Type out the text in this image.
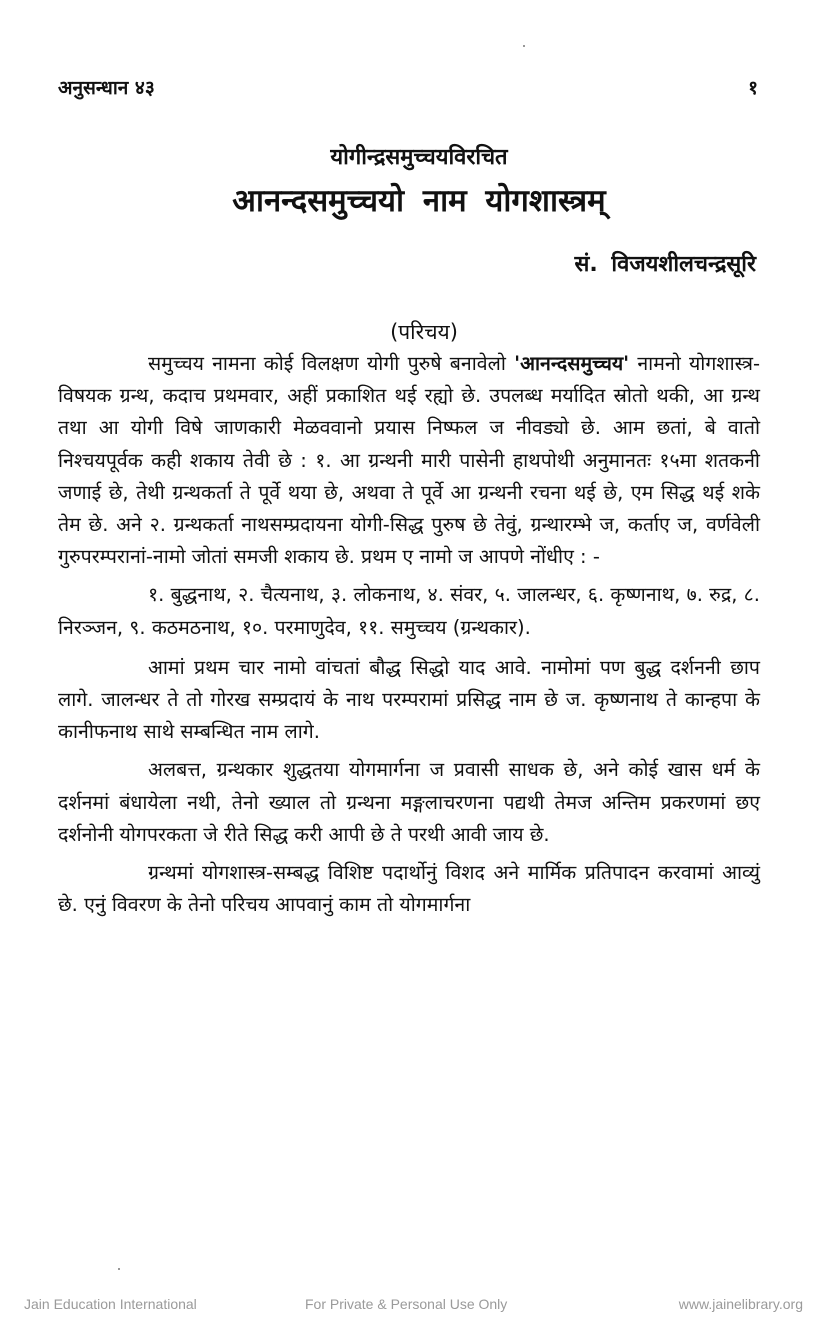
अनुसन्धान ४३	१
योगीन्द्रसमुच्चयविरचित
आनन्दसमुच्चयो नाम योगशास्त्रम्
सं. विजयशीलचन्द्रसूरि
(परिचय)

समुच्चय नामना कोई विलक्षण योगी पुरुषे बनावेलो 'आनन्दसमुच्चय' नामनो योगशास्त्र-विषयक ग्रन्थ, कदाच प्रथमवार, अहीं प्रकाशित थई रह्यो छे. उपलब्ध मर्यादित स्रोतो थकी, आ ग्रन्थ तथा आ योगी विषे जाणकारी मेळववानो प्रयास निष्फल ज नीवड्यो छे. आम छतां, बे वातो निश्चयपूर्वक कही शकाय तेवी छे : १. आ ग्रन्थनी मारी पासेनी हाथपोथी अनुमानतः १५मा शतकनी जणाई छे, तेथी ग्रन्थकर्ता ते पूर्वे थया छे, अथवा ते पूर्वे आ ग्रन्थनी रचना थई छे, एम सिद्ध थई शके तेम छे. अने २. ग्रन्थकर्ता नाथसम्प्रदायना योगी-सिद्ध पुरुष छे तेवुं, ग्रन्थारम्भे ज, कर्ताए ज, वर्णवेली गुरुपरम्परानां-नामो जोतां समजी शकाय छे. प्रथम ए नामो ज आपणे नोंधीए : -

१. बुद्धनाथ, २. चैत्यनाथ, ३. लोकनाथ, ४. संवर, ५. जालन्धर, ६. कृष्णनाथ, ७. रुद्र, ८. निरञ्जन, ९. कठमठनाथ, १०. परमाणुदेव, ११. समुच्चय (ग्रन्थकार).

आमां प्रथम चार नामो वांचतां बौद्ध सिद्धो याद आवे. नामोमां पण बुद्ध दर्शननी छाप लागे. जालन्धर ते तो गोरख सम्प्रदायं के नाथ परम्परामां प्रसिद्ध नाम छे ज. कृष्णनाथ ते कान्हपा के कानीफनाथ साथे सम्बन्धित नाम लागे.

अलबत्त, ग्रन्थकार शुद्धतया योगमार्गना ज प्रवासी साधक छे, अने कोई खास धर्म के दर्शनमां बंधायेला नथी, तेनो ख्याल तो ग्रन्थना मङ्गलाचरणना पद्यथी तेमज अन्तिम प्रकरणमां छए दर्शनोनी योगपरकता जे रीते सिद्ध करी आपी छे ते परथी आवी जाय छे.

ग्रन्थमां योगशास्त्र-सम्बद्ध विशिष्ट पदार्थोनुं विशद अने मार्मिक प्रतिपादन करवामां आव्युं छे. एनुं विवरण के तेनो परिचय आपवानुं काम तो योगमार्गना

Jain Education International	For Private & Personal Use Only	www.jainelibrary.org
